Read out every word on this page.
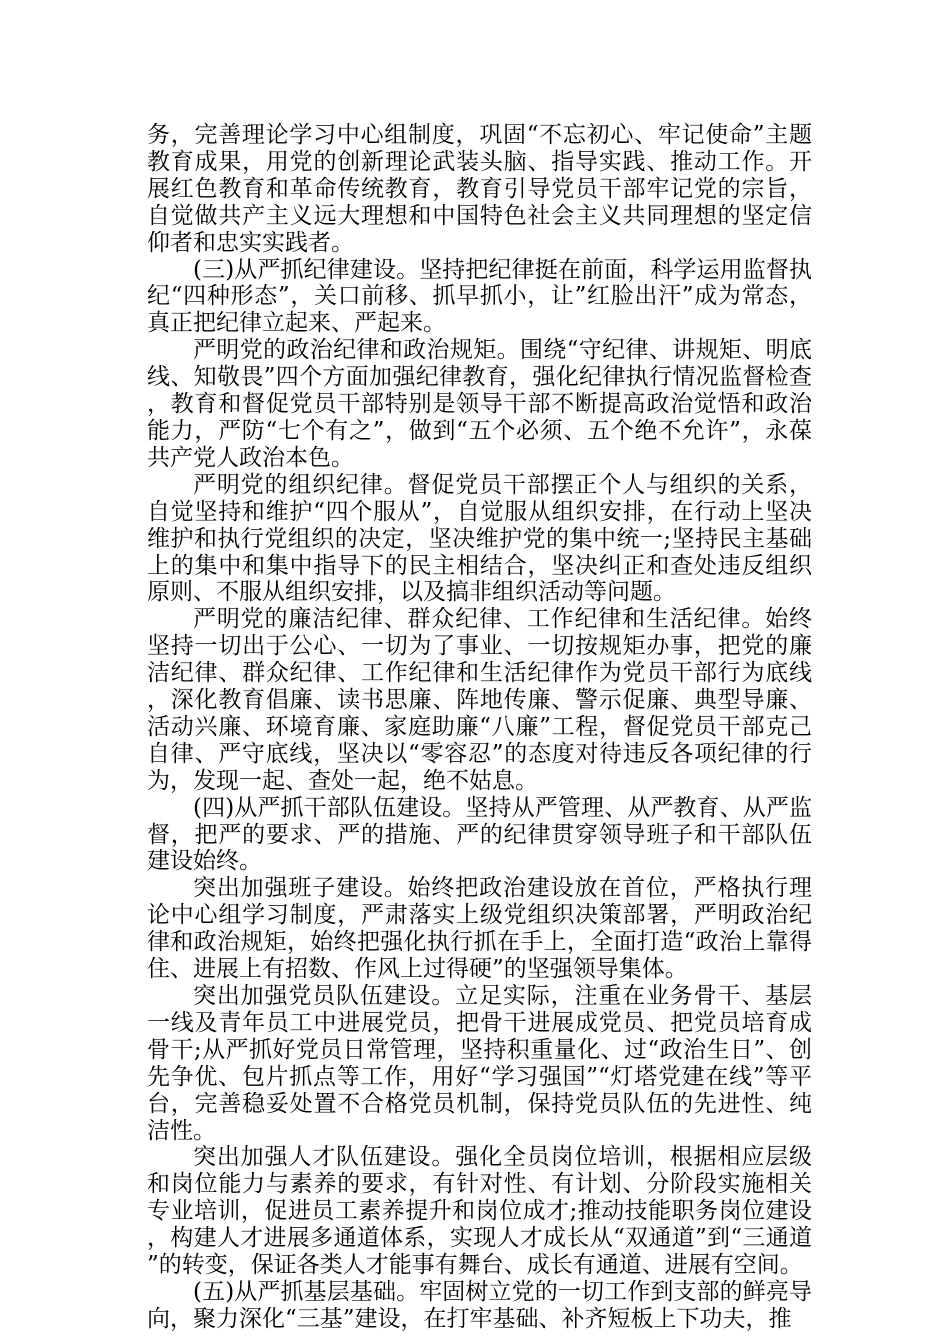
务，完善理论学习中心组制度，巩固“不忘初心、牢记使命”主题教育成果，用党的创新理论武装头脑、指导实践、推动工作。开展红色教育和革命传统教育，教育引导党员干部牢记党的宗旨，自觉做共产主义远大理想和中国特色社会主义共同理想的坚定信仰者和忠实实践者。

(三)从严抓纪律建设。坚持把纪律挺在前面，科学运用监督执纪“四种形态”，关口前移、抓早抓小，让”红脸出汗”成为常态，真正把纪律立起来、严起来。

严明党的政治纪律和政治规矩。围绕“守纪律、讲规矩、明底线、知敬畏”四个方面加强纪律教育，强化纪律执行情况监督检查，教育和督促党员干部特别是领导干部不断提高政治觉悟和政治能力，严防“七个有之”，做到“五个必须、五个绝不允许”，永葆共产党人政治本色。

严明党的组织纪律。督促党员干部摆正个人与组织的关系，自觉坚持和维护“四个服从”，自觉服从组织安排，在行动上坚决维护和执行党组织的决定，坚决维护党的集中统一;坚持民主基础上的集中和集中指导下的民主相结合，坚决纠正和查处违反组织原则、不服从组织安排，以及搞非组织活动等问题。

严明党的廉洁纪律、群众纪律、工作纪律和生活纪律。始终坚持一切出于公心、一切为了事业、一切按规矩办事，把党的廉洁纪律、群众纪律、工作纪律和生活纪律作为党员干部行为底线，深化教育倡廉、读书思廉、阵地传廉、警示促廉、典型导廉、活动兴廉、环境育廉、家庭助廉“八廉”工程，督促党员干部克己自律、严守底线，坚决以“零容忍”的态度对待违反各项纪律的行为，发现一起、查处一起，绝不姑息。

(四)从严抓干部队伍建设。坚持从严管理、从严教育、从严监督，把严的要求、严的措施、严的纪律贯穿领导班子和干部队伍建设始终。

突出加强班子建设。始终把政治建设放在首位，严格执行理论中心组学习制度，严肃落实上级党组织决策部署，严明政治纪律和政治规矩，始终把强化执行抓在手上，全面打造“政治上靠得住、进展上有招数、作风上过得硬”的坚强领导集体。

突出加强党员队伍建设。立足实际，注重在业务骨干、基层一线及青年员工中进展党员，把骨干进展成党员、把党员培育成骨干;从严抓好党员日常管理，坚持积重量化、过“政治生日”、创先争优、包片抓点等工作，用好“学习强国”“灯塔党建在线”等平台，完善稳妥处置不合格党员机制，保持党员队伍的先进性、纯洁性。

突出加强人才队伍建设。强化全员岗位培训，根据相应层级和岗位能力与素养的要求，有针对性、有计划、分阶段实施相关专业培训，促进员工素养提升和岗位成才;推动技能职务岗位建设，构建人才进展多通道体系，实现人才成长从“双通道”到“三通道”的转变，保证各类人才能事有舞台、成长有通道、进展有空间。

(五)从严抓基层基础。牢固树立党的一切工作到支部的鲜亮导向，聚力深化“三基”建设，在打牢基础、补齐短板上下功夫，推
